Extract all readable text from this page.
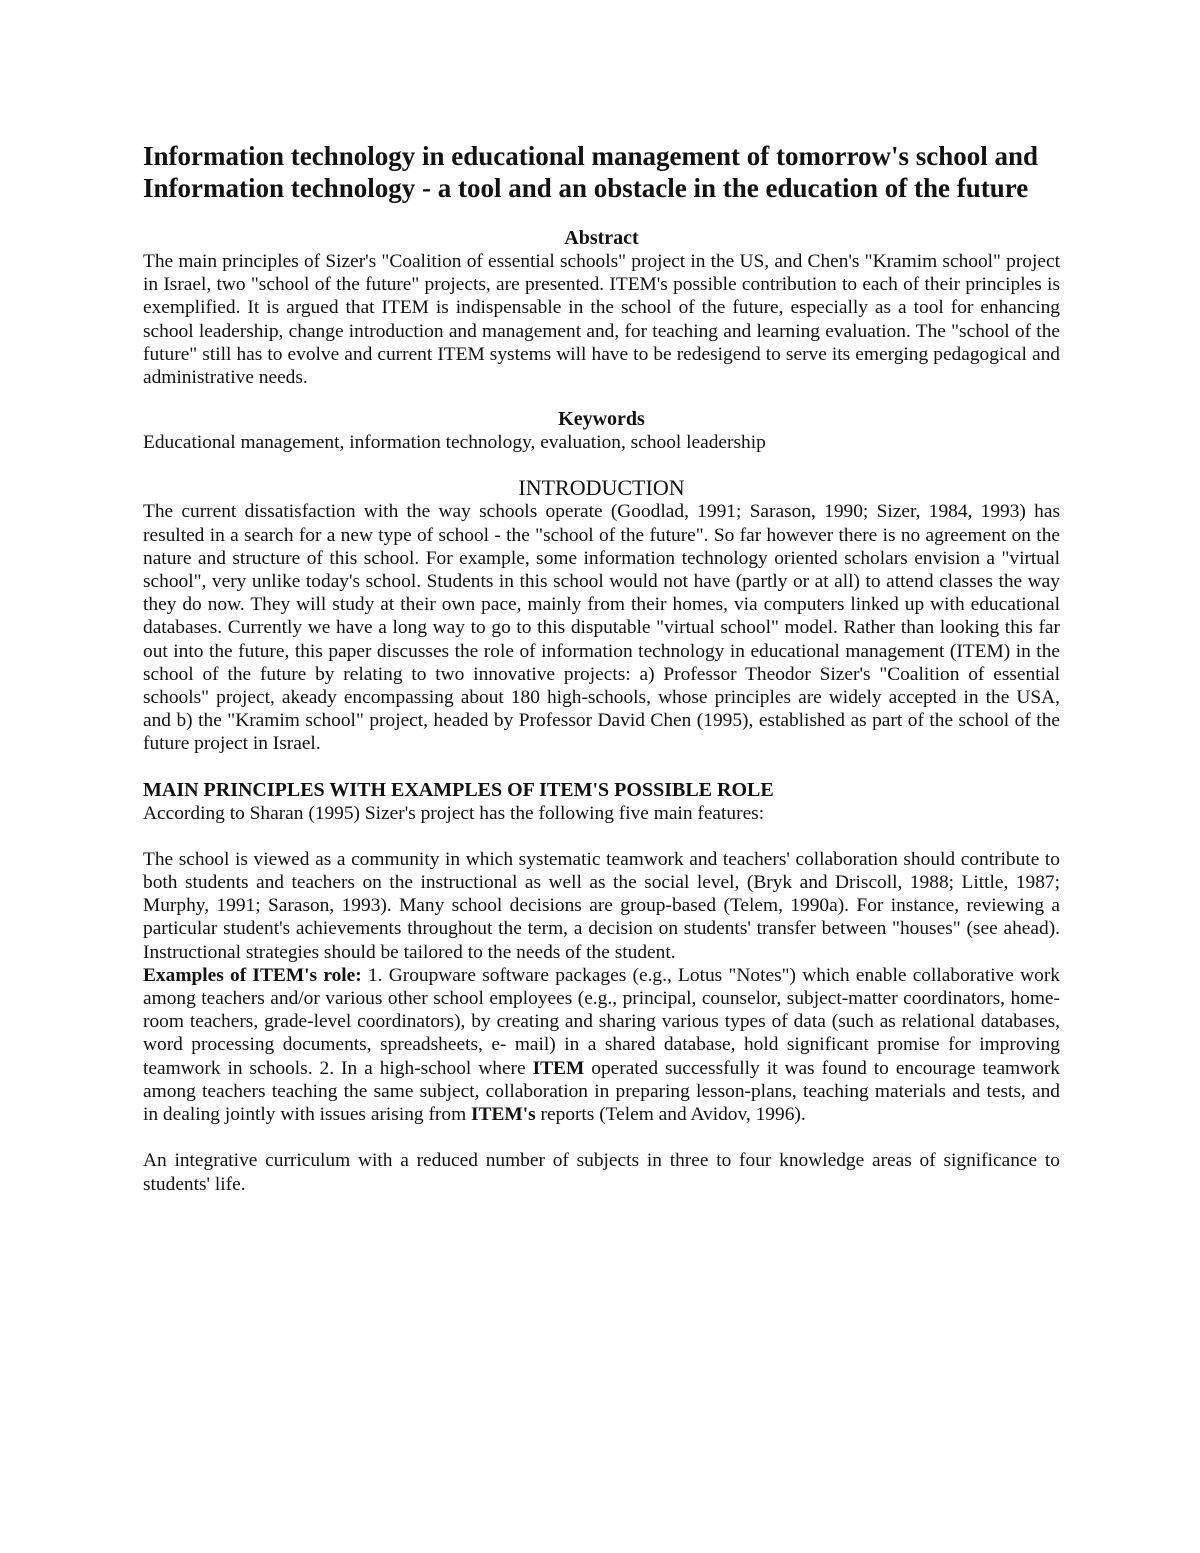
Information technology in educational management of tomorrow's school and Information technology - a tool and an obstacle in the education of the future
Abstract

The main principles of Sizer's "Coalition of essential schools" project in the US, and Chen's "Kramim school" project in Israel, two "school of the future" projects, are presented. ITEM's possible contribution to each of their principles is exemplified. It is argued that ITEM is indispensable in the school of the future, especially as a tool for enhancing school leadership, change introduction and management and, for teaching and learning evaluation. The "school of the future" still has to evolve and current ITEM systems will have to be redesigend to serve its emerging pedagogical and administrative needs.

Keywords

Educational management, information technology, evaluation, school leadership

INTRODUCTION

The current dissatisfaction with the way schools operate (Goodlad, 1991; Sarason, 1990; Sizer, 1984, 1993) has resulted in a search for a new type of school - the "school of the future". So far however there is no agreement on the nature and structure of this school. For example, some information technology oriented scholars envision a "virtual school", very unlike today's school. Students in this school would not have (partly or at all) to attend classes the way they do now. They will study at their own pace, mainly from their homes, via computers linked up with educational databases. Currently we have a long way to go to this disputable "virtual school" model. Rather than looking this far out into the future, this paper discusses the role of information technology in educational management (ITEM) in the school of the future by relating to two innovative projects: a) Professor Theodor Sizer's "Coalition of essential schools" project, akeady encompassing about 180 high-schools, whose principles are widely accepted in the USA, and b) the "Kramim school" project, headed by Professor David Chen (1995), established as part of the school of the future project in Israel.

MAIN PRINCIPLES WITH EXAMPLES OF ITEM'S POSSIBLE ROLE

According to Sharan (1995) Sizer's project has the following five main features:

The school is viewed as a community in which systematic teamwork and teachers' collaboration should contribute to both students and teachers on the instructional as well as the social level, (Bryk and Driscoll, 1988; Little, 1987; Murphy, 1991; Sarason, 1993). Many school decisions are group-based (Telem, 1990a). For instance, reviewing a particular student's achievements throughout the term, a decision on students' transfer between "houses" (see ahead). Instructional strategies should be tailored to the needs of the student.

Examples of ITEM's role: 1. Groupware software packages (e.g., Lotus "Notes") which enable collaborative work among teachers and/or various other school employees (e.g., principal, counselor, subject-matter coordinators, home- room teachers, grade-level coordinators), by creating and sharing various types of data (such as relational databases, word processing documents, spreadsheets, e- mail) in a shared database, hold significant promise for improving teamwork in schools. 2. In a high-school where ITEM operated successfully it was found to encourage teamwork among teachers teaching the same subject, collaboration in preparing lesson-plans, teaching materials and tests, and in dealing jointly with issues arising from ITEM's reports (Telem and Avidov, 1996).

An integrative curriculum with a reduced number of subjects in three to four knowledge areas of significance to students' life.
